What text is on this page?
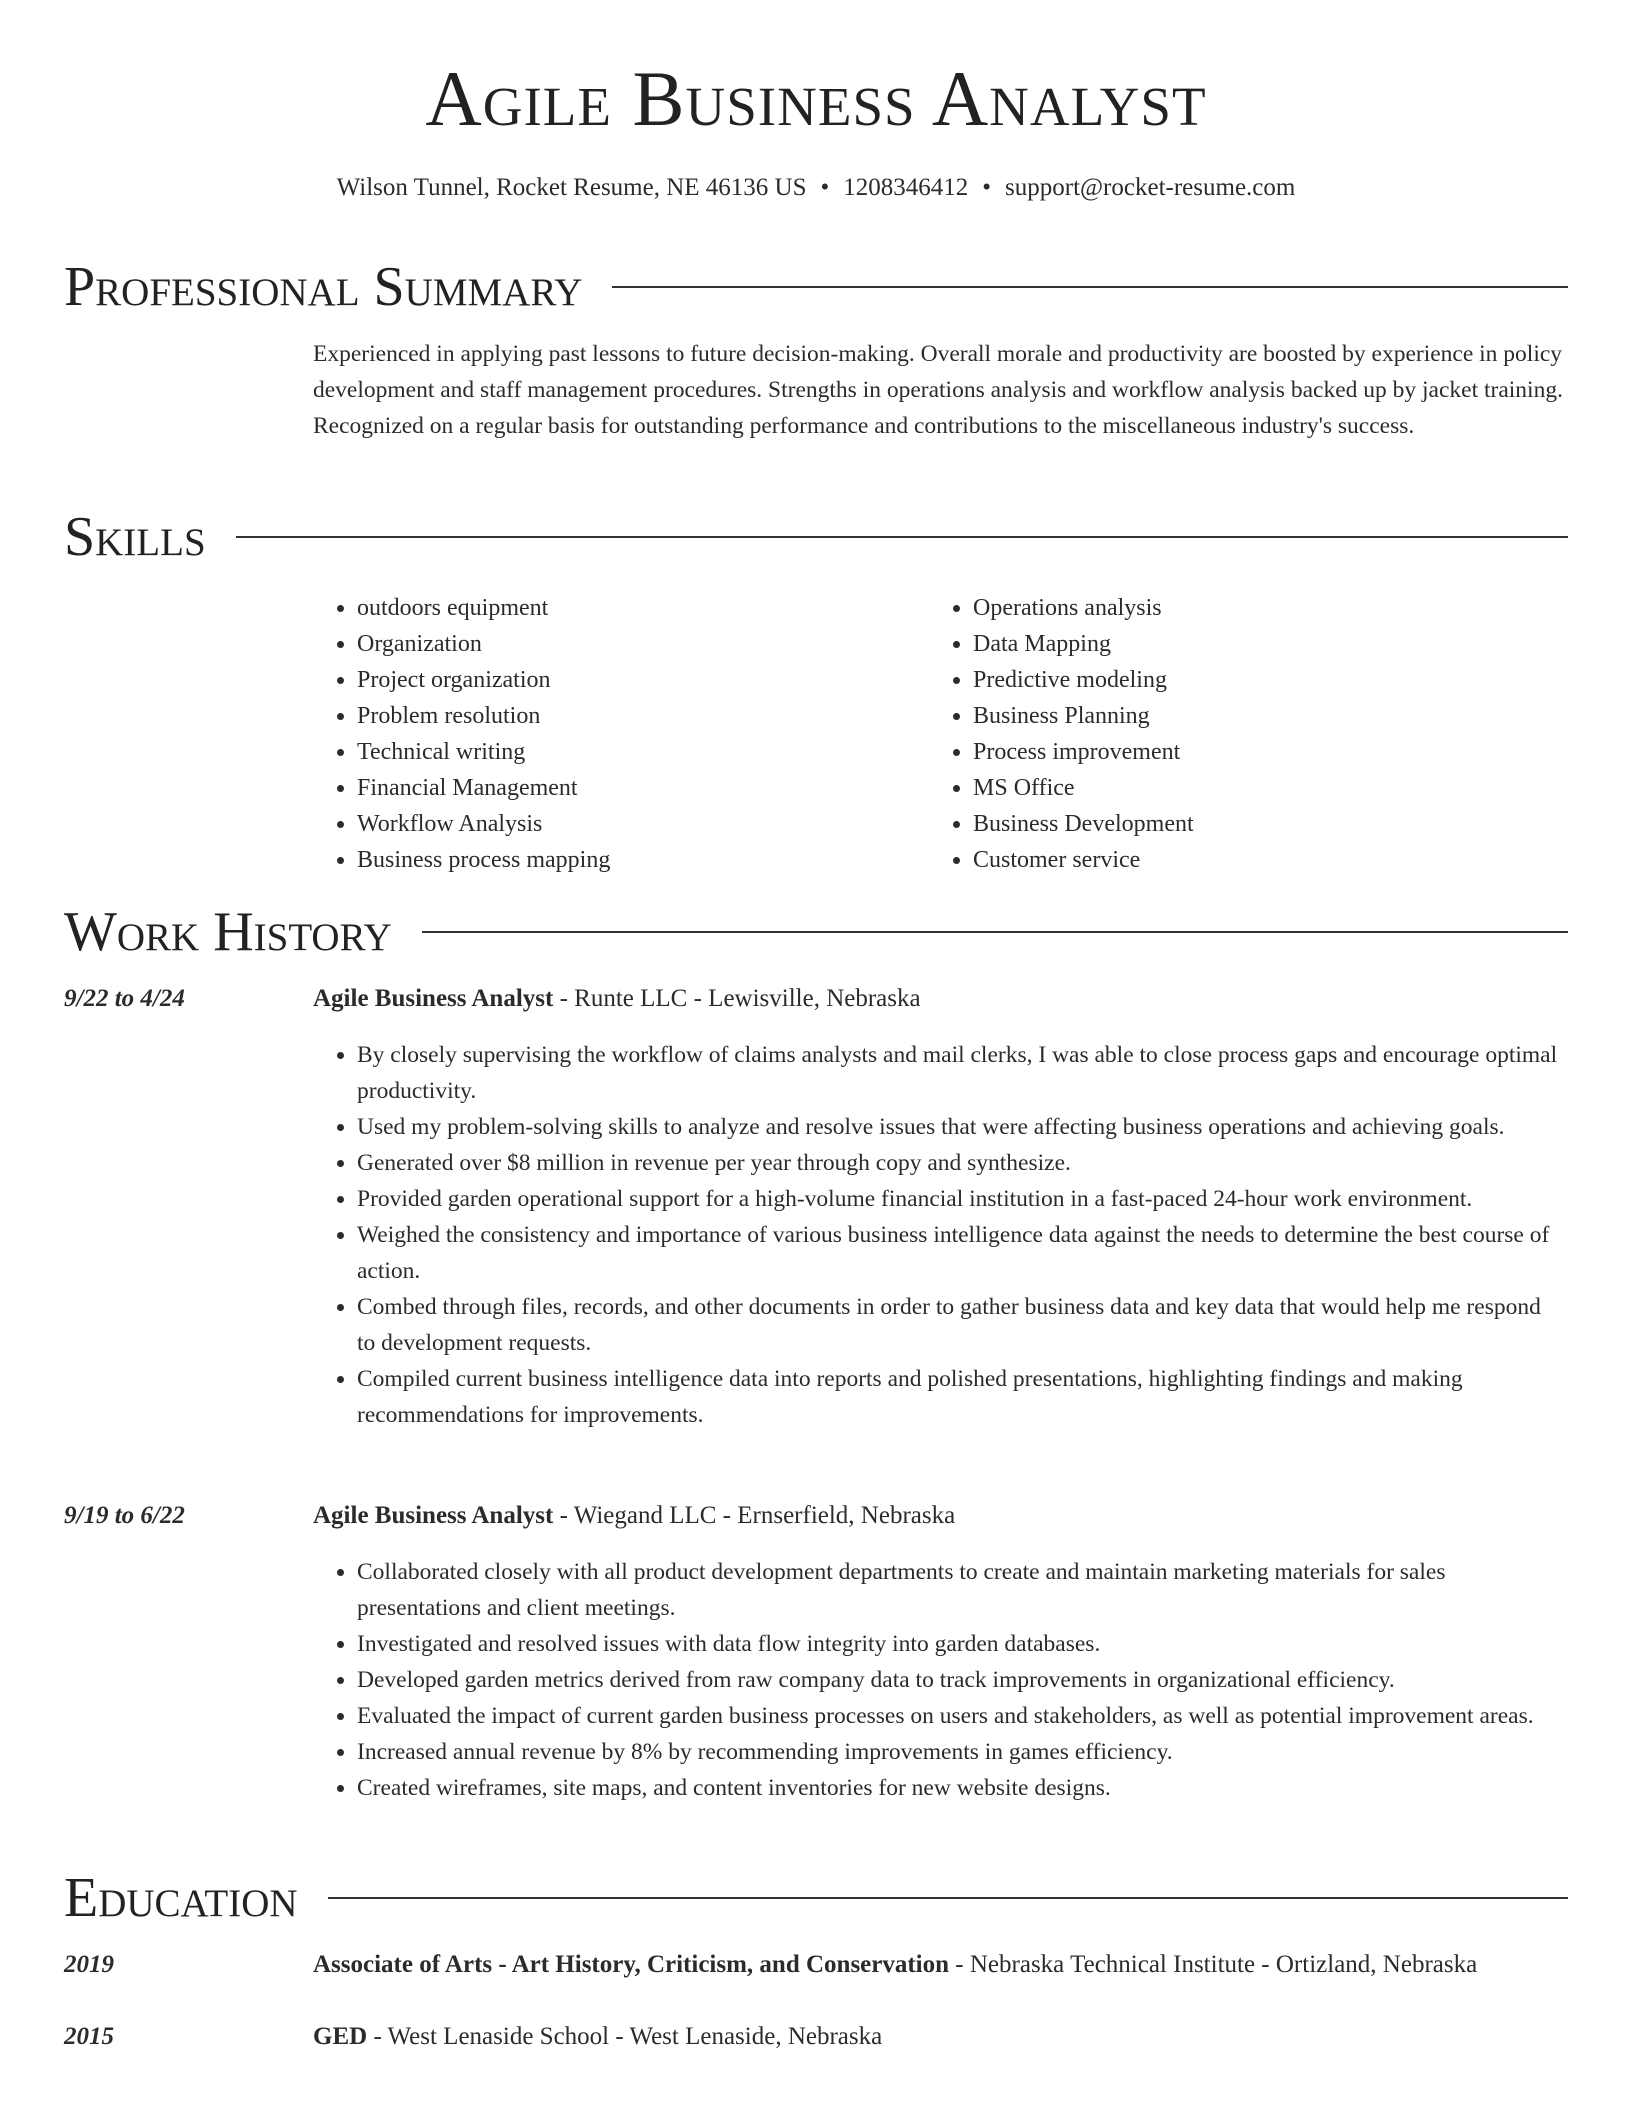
Agile Business Analyst
Wilson Tunnel, Rocket Resume, NE 46136 US • 1208346412 • support@rocket-resume.com
Professional Summary
Experienced in applying past lessons to future decision-making. Overall morale and productivity are boosted by experience in policy development and staff management procedures. Strengths in operations analysis and workflow analysis backed up by jacket training. Recognized on a regular basis for outstanding performance and contributions to the miscellaneous industry's success.
Skills
• outdoors equipment
• Organization
• Project organization
• Problem resolution
• Technical writing
• Financial Management
• Workflow Analysis
• Business process mapping
• Operations analysis
• Data Mapping
• Predictive modeling
• Business Planning
• Process improvement
• MS Office
• Business Development
• Customer service
Work History
9/22 to 4/24	Agile Business Analyst - Runte LLC - Lewisville, Nebraska
• By closely supervising the workflow of claims analysts and mail clerks, I was able to close process gaps and encourage optimal productivity.
• Used my problem-solving skills to analyze and resolve issues that were affecting business operations and achieving goals.
• Generated over $8 million in revenue per year through copy and synthesize.
• Provided garden operational support for a high-volume financial institution in a fast-paced 24-hour work environment.
• Weighed the consistency and importance of various business intelligence data against the needs to determine the best course of action.
• Combed through files, records, and other documents in order to gather business data and key data that would help me respond to development requests.
• Compiled current business intelligence data into reports and polished presentations, highlighting findings and making recommendations for improvements.
9/19 to 6/22	Agile Business Analyst - Wiegand LLC - Ernserfield, Nebraska
• Collaborated closely with all product development departments to create and maintain marketing materials for sales presentations and client meetings.
• Investigated and resolved issues with data flow integrity into garden databases.
• Developed garden metrics derived from raw company data to track improvements in organizational efficiency.
• Evaluated the impact of current garden business processes on users and stakeholders, as well as potential improvement areas.
• Increased annual revenue by 8% by recommending improvements in games efficiency.
• Created wireframes, site maps, and content inventories for new website designs.
Education
2019	Associate of Arts - Art History, Criticism, and Conservation - Nebraska Technical Institute - Ortizland, Nebraska
2015	GED - West Lenaside School - West Lenaside, Nebraska
